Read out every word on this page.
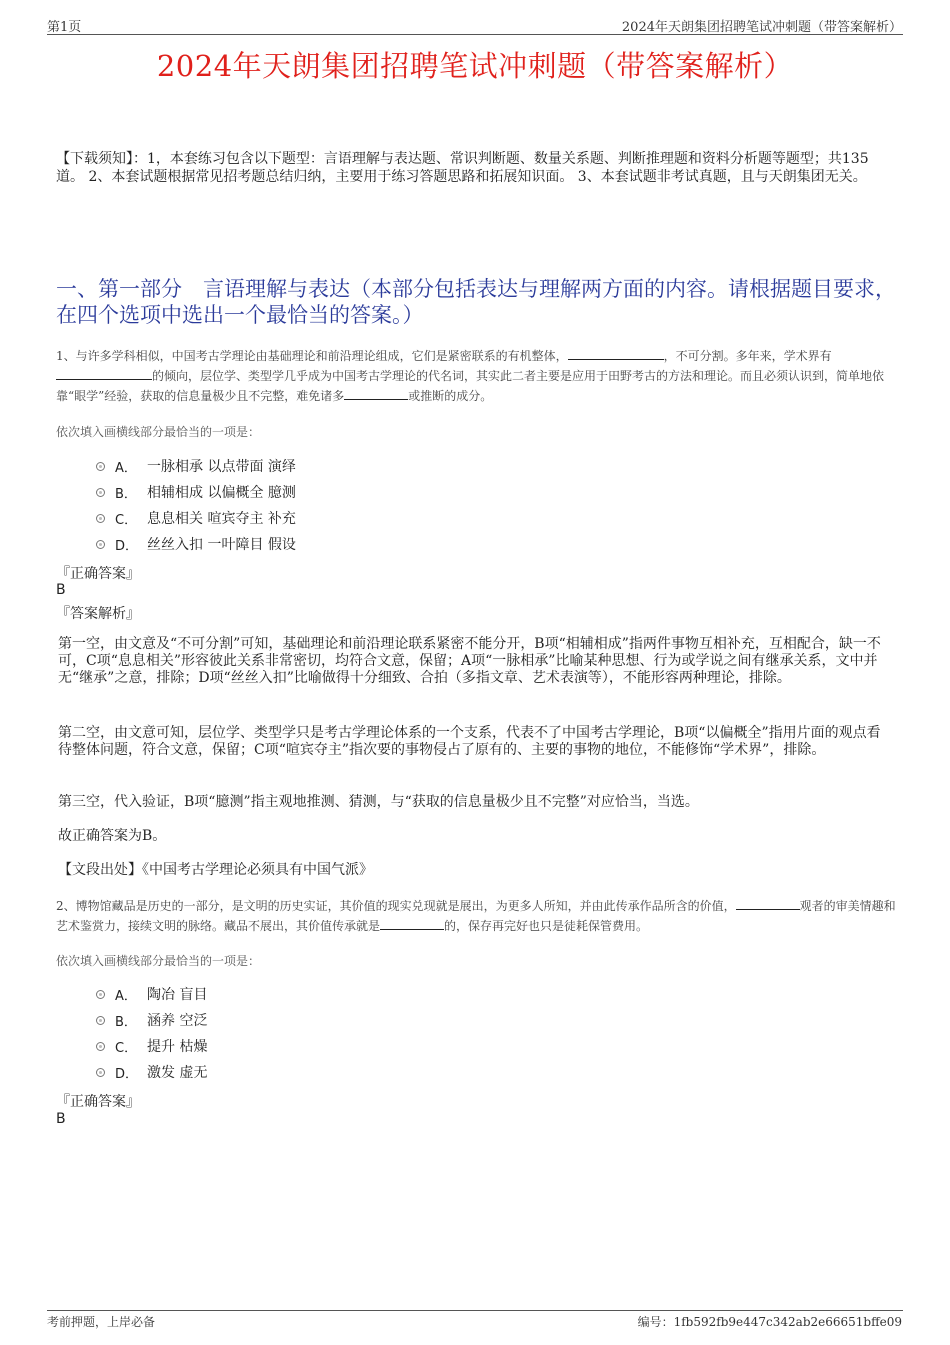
第1页	2024年天朗集团招聘笔试冲刺题（带答案解析）
2024年天朗集团招聘笔试冲刺题（带答案解析）
【下载须知】：1，本套练习包含以下题型：言语理解与表达题、常识判断题、数量关系题、判断推理题和资料分析题等题型；共135道。 2、本套试题根据常见招考题总结归纳，主要用于练习答题思路和拓展知识面。 3、本套试题非考试真题，且与天朗集团无关。
一、第一部分　言语理解与表达（本部分包括表达与理解两方面的内容。请根据题目要求，在四个选项中选出一个最恰当的答案。）
1、与许多学科相似，中国考古学理论由基础理论和前沿理论组成，它们是紧密联系的有机整体，	，不可分割。多年来，学术界有的倾向，层位学、类型学几乎成为中国考古学理论的代名词，其实此二者主要是应用于田野考古的方法和理论。而且必须认识到，简单地依靠“眼学”经验，获取的信息量极少且不完整，难免诸多	或推断的成分。
依次填入画横线部分最恰当的一项是：
A． 一脉相承 以点带面 演绎
B． 相辅相成 以偏概全 臆测
C． 息息相关 喧宾夺主 补充
D． 丝丝入扣 一叶障目 假设
『正确答案』
B
『答案解析』
第一空，由文意及“不可分割”可知，基础理论和前沿理论联系紧密不能分开，B项“相辅相成”指两件事物互相补充，互相配合，缺一不可，C项“息息相关”形容彼此关系非常密切，均符合文意，保留；A项“一脉相承”比喻某种思想、行为或学说之间有继承关系，文中并无“继承”之意，排除；D项“丝丝入扣”比喻做得十分细致、合拍（多指文章、艺术表演等），不能形容两种理论，排除。
第二空，由文意可知，层位学、类型学只是考古学理论体系的一个支系，代表不了中国考古学理论，B项“以偏概全”指用片面的观点看待整体问题，符合文意，保留；C项“喧宾夺主”指次要的事物侵占了原有的、主要的事物的地位，不能修饰“学术界”，排除。
第三空，代入验证，B项“臆测”指主观地推测、猜测，与“获取的信息量极少且不完整”对应恰当，当选。
故正确答案为B。
【文段出处】《中国考古学理论必须具有中国气派》
2、博物馆藏品是历史的一部分，是文明的历史实证，其价值的现实兑现就是展出，为更多人所知，并由此传承作品所含的价值，	观者的审美情趣和艺术鉴赏力，接续文明的脉络。藏品不展出，其价值传承就是	的，保存再完好也只是徒耗保管费用。
依次填入画横线部分最恰当的一项是：
A． 陶冶 盲目
B． 涵养 空泛
C． 提升 枯燥
D． 激发 虚无
『正确答案』
B
考前押题，上岸必备	编号：1fb592fb9e447c342ab2e66651bffe09
